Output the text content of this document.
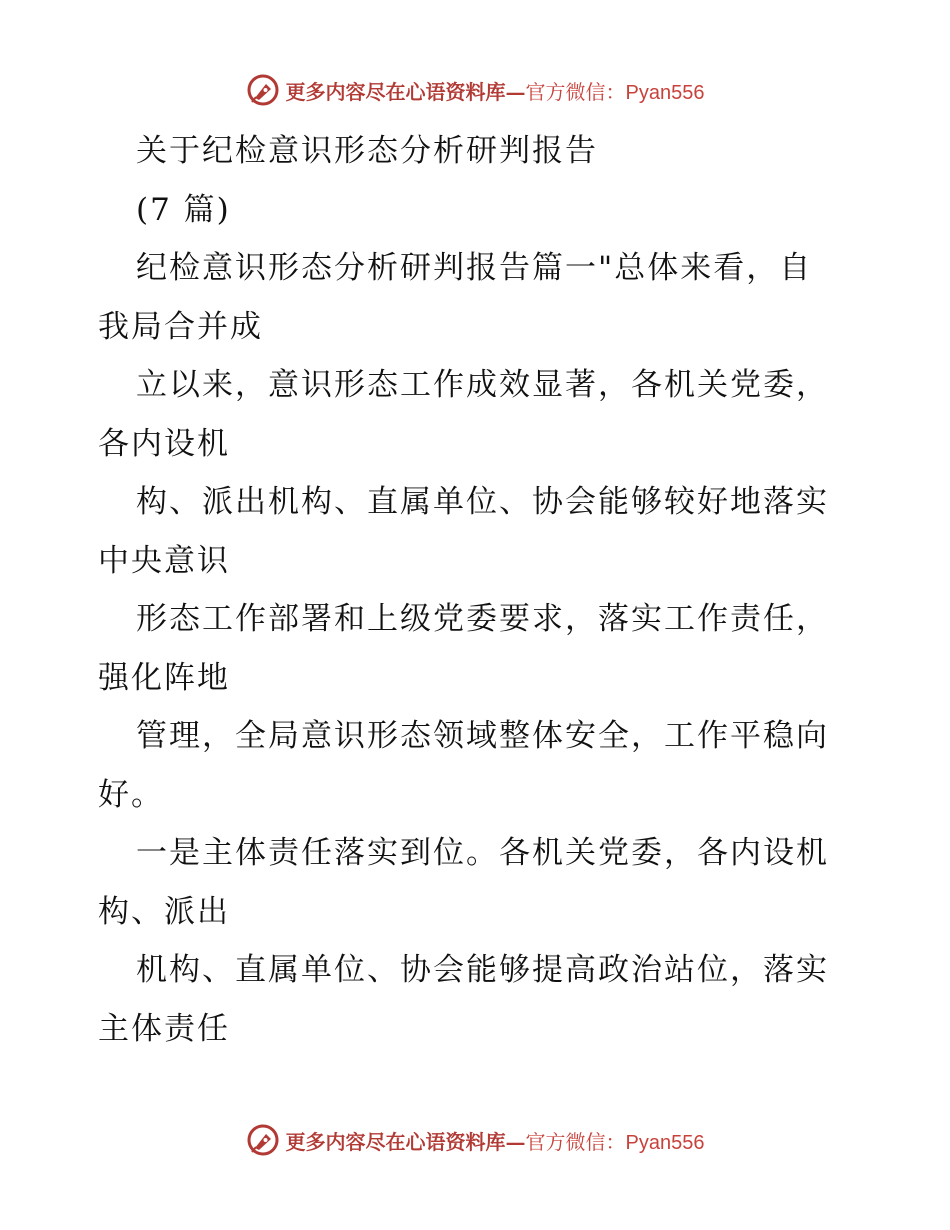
更多内容尽在心语资料库—官方微信：Pyan556
关于纪检意识形态分析研判报告
(7 篇)
纪检意识形态分析研判报告篇一"总体来看，自
我局合并成
立以来，意识形态工作成效显著，各机关党委，
各内设机
构、派出机构、直属单位、协会能够较好地落实
中央意识
形态工作部署和上级党委要求，落实工作责任，
强化阵地
管理，全局意识形态领域整体安全，工作平稳向
好。
一是主体责任落实到位。各机关党委，各内设机
构、派出
机构、直属单位、协会能够提高政治站位，落实
主体责任
更多内容尽在心语资料库—官方微信：Pyan556
